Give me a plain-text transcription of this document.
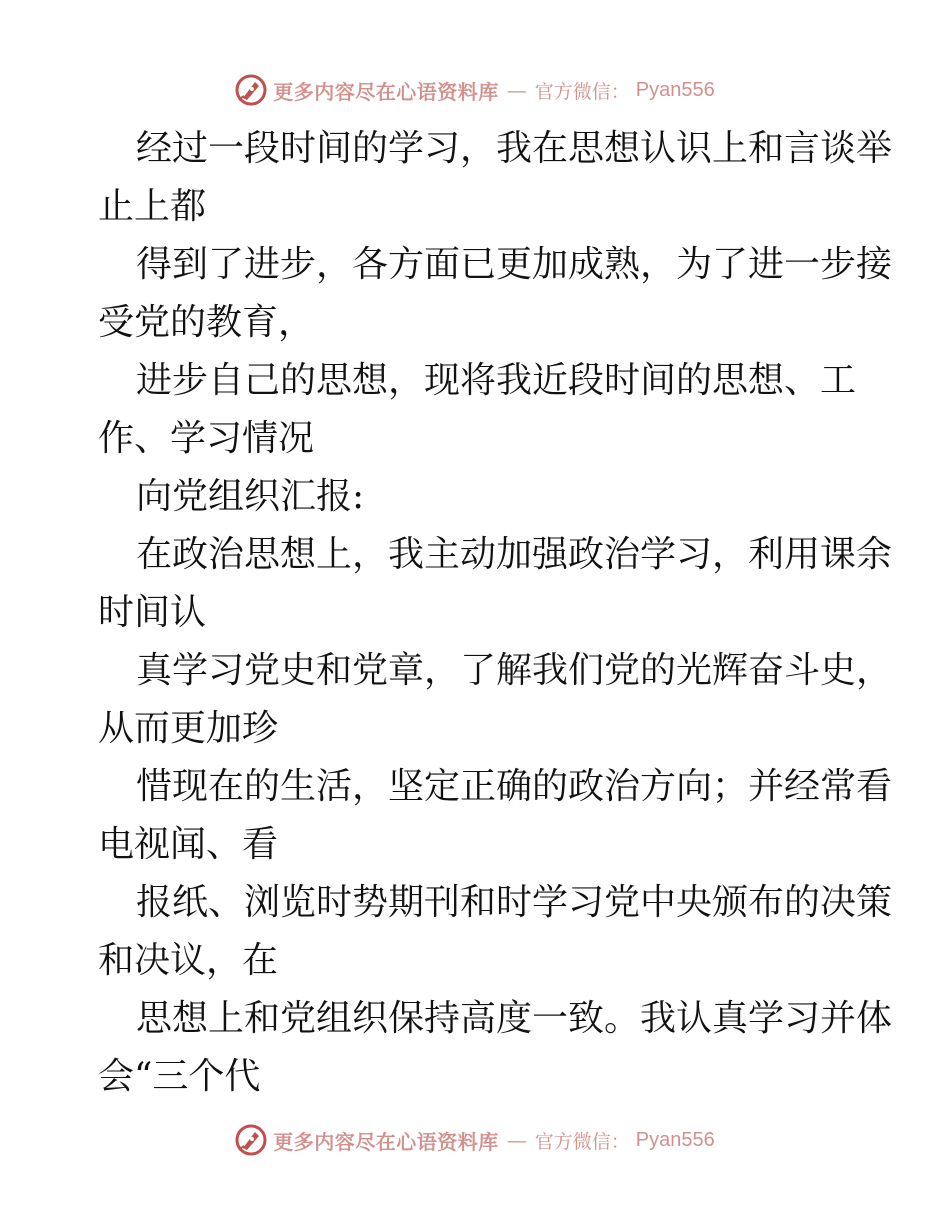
更多内容尽在心语资料库 — 官方微信： Pyan556
经过一段时间的学习，我在思想认识上和言谈举
止上都
得到了进步，各方面已更加成熟，为了进一步接
受党的教育，
进步自己的思想，现将我近段时间的思想、工
作、学习情况
向党组织汇报:
在政治思想上，我主动加强政治学习，利用课余
时间认
真学习党史和党章，了解我们党的光辉奋斗史，
从而更加珍
惜现在的生活，坚定正确的政治方向；并经常看
电视闻、看
报纸、浏览时势期刊和时学习党中央颁布的决策
和决议，在
思想上和党组织保持高度一致。我认真学习并体
会“三个代
更多内容尽在心语资料库 — 官方微信： Pyan556
